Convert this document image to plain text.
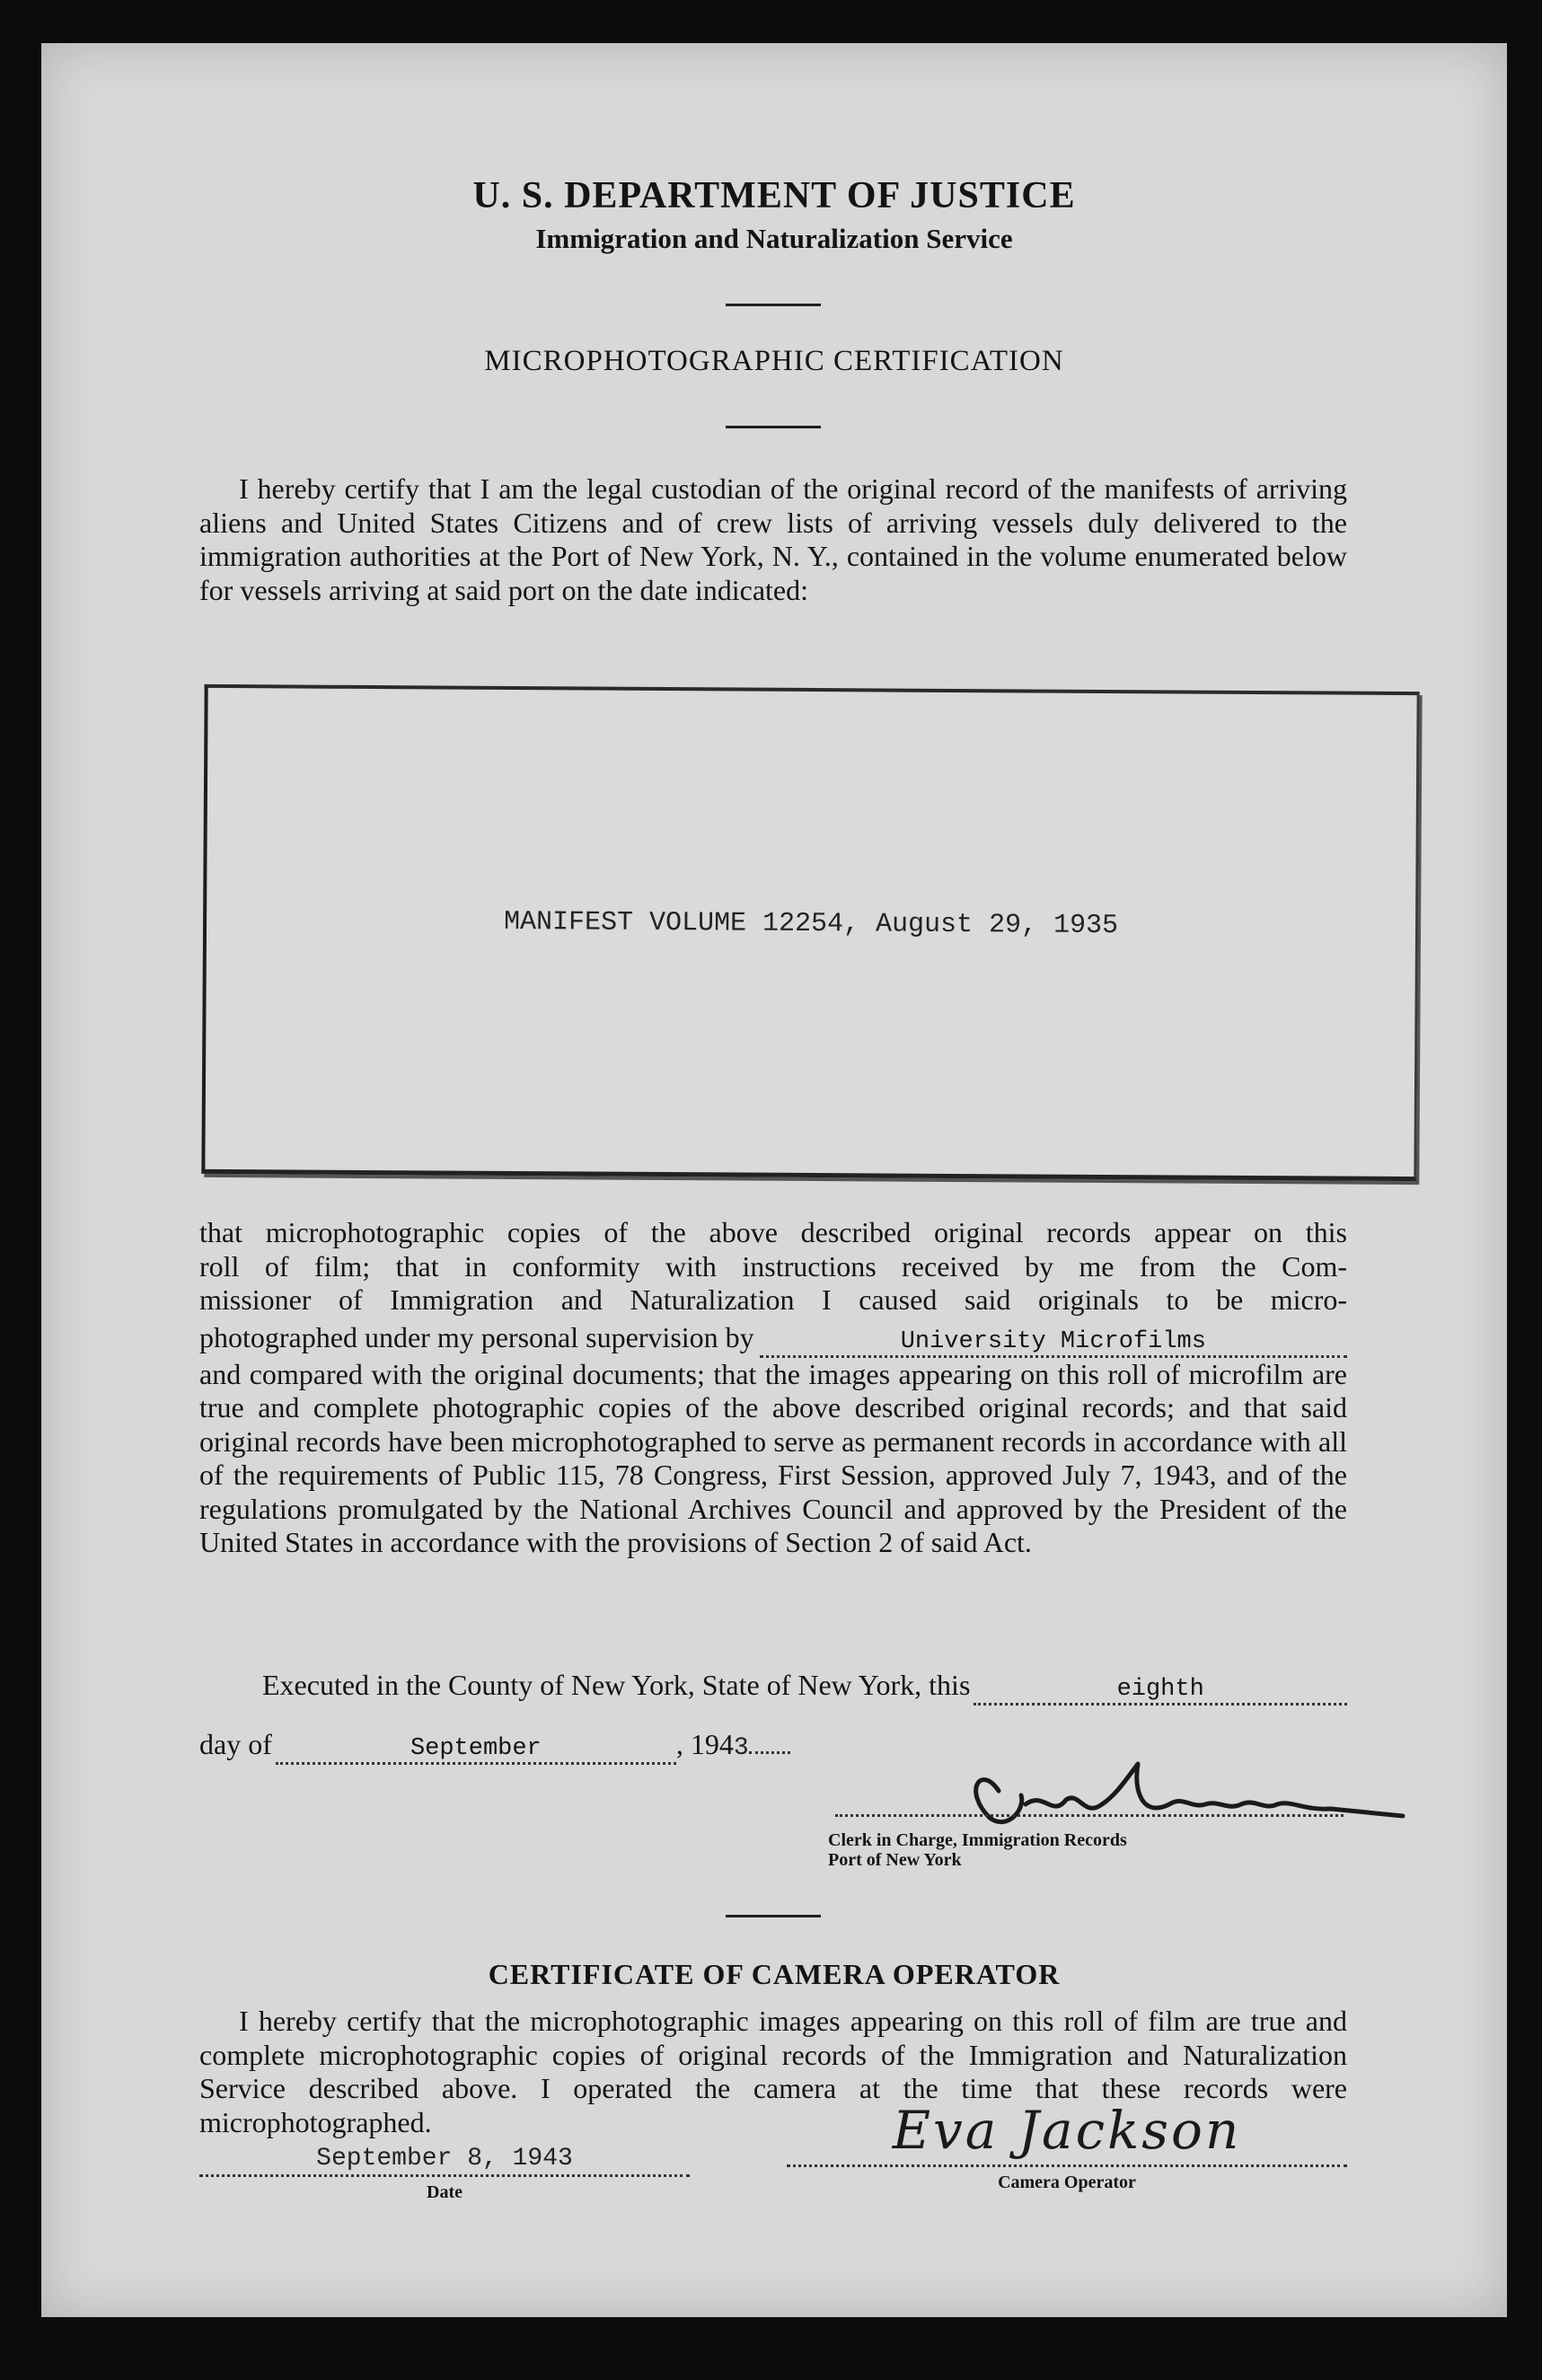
U. S. DEPARTMENT OF JUSTICE
Immigration and Naturalization Service
MICROPHOTOGRAPHIC CERTIFICATION
I hereby certify that I am the legal custodian of the original record of the manifests of arriving aliens and United States Citizens and of crew lists of arriving vessels duly delivered to the immigration authorities at the Port of New York, N. Y., contained in the volume enumerated below for vessels arriving at said port on the date indicated:
MANIFEST VOLUME 12254, August 29, 1935
that microphotographic copies of the above described original records appear on this
roll of film; that in conformity with instructions received by me from the Com-
missioner of Immigration and Naturalization I caused said originals to be micro-
photographed under my personal supervision by	University Microfilms
and compared with the original documents; that the images appearing on this roll of microfilm are true and complete photographic copies of the above described original records; and that said original records have been microphotographed to serve as permanent records in accordance with all of the requirements of Public 115, 78 Congress, First Session, approved July 7, 1943, and of the regulations promulgated by the National Archives Council and approved by the President of the United States in accordance with the provisions of Section 2 of said Act.
Executed in the County of New York, State of New York, this	eighth
day of	September	, 194 3
Clerk in Charge, Immigration Records
Port of New York
CERTIFICATE OF CAMERA OPERATOR
I hereby certify that the microphotographic images appearing on this roll of film are true and complete microphotographic copies of original records of the Immigration and Naturalization Service described above. I operated the camera at the time that these records were microphotographed.
September 8, 1943
Date
Eva Jackson
Camera Operator
